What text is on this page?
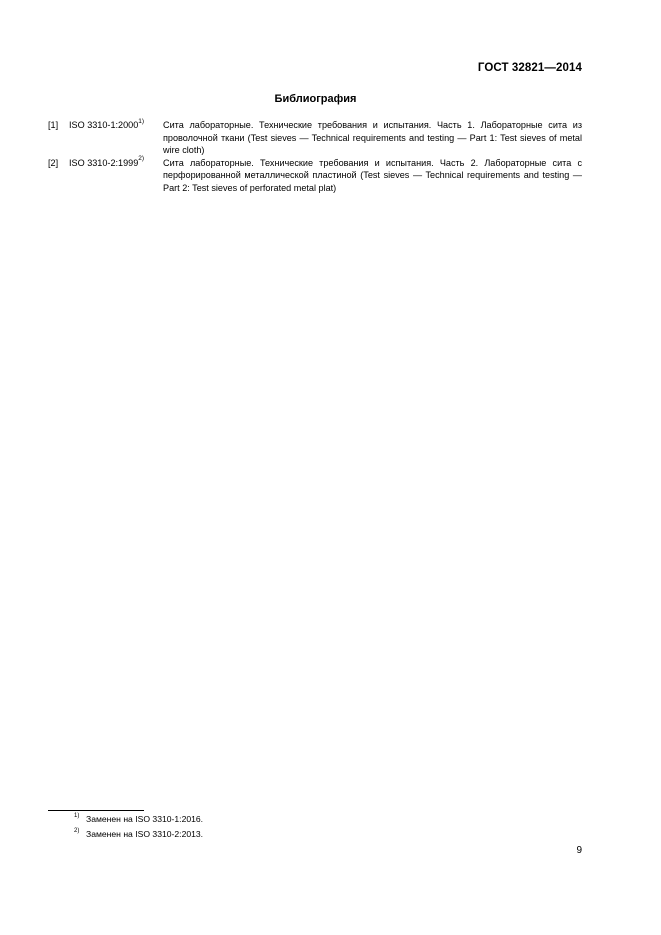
ГОСТ 32821—2014
Библиография
[1]	ISO 3310-1:2000$^{1)}$	Сита лабораторные. Технические требования и испытания. Часть 1. Лабораторные сита из проволочной ткани (Test sieves — Technical requirements and testing — Part 1: Test sieves of metal wire cloth)
[2]	ISO 3310-2:1999$^{2)}$	Сита лабораторные. Технические требования и испытания. Часть 2. Лабораторные сита с перфорированной металлической пластиной (Test sieves — Technical requirements and testing — Part 2: Test sieves of perforated metal plat)
1) Заменен на ISO 3310-1:2016.
2) Заменен на ISO 3310-2:2013.
9
